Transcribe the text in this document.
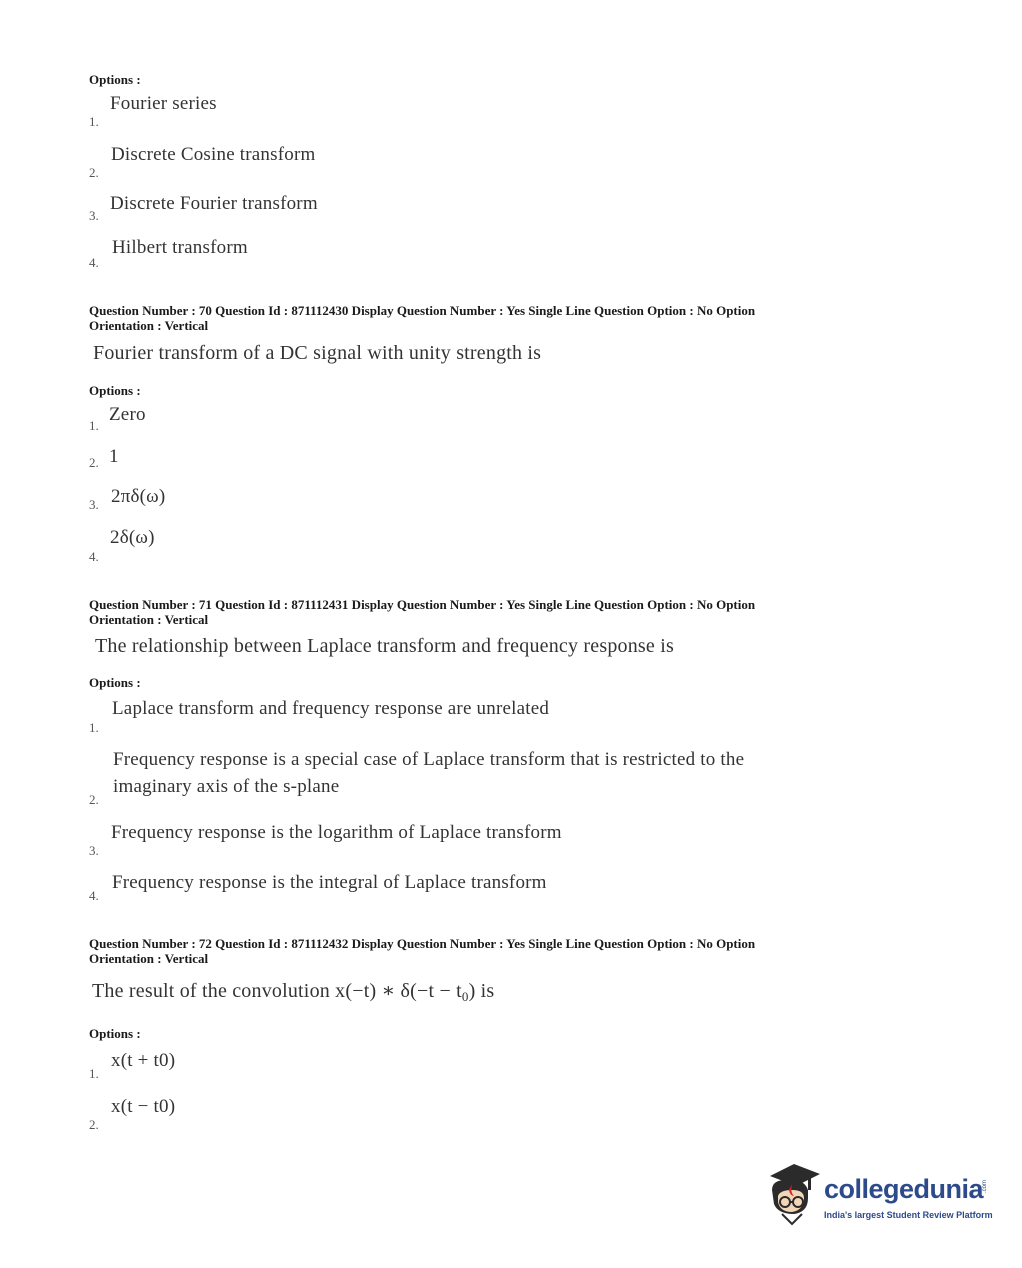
Options :
Fourier series
1.
Discrete Cosine transform
2.
Discrete Fourier transform
3.
Hilbert transform
4.
Question Number : 70 Question Id : 871112430 Display Question Number : Yes Single Line Question Option : No Option
Orientation : Vertical
Fourier transform of a DC signal with unity strength is
Options :
Zero
1.
1
2.
2πδ(ω)
3.
2δ(ω)
4.
Question Number : 71 Question Id : 871112431 Display Question Number : Yes Single Line Question Option : No Option
Orientation : Vertical
The relationship between Laplace transform and frequency response is
Options :
Laplace transform and frequency response are unrelated
1.
Frequency response is a special case of Laplace transform that is restricted to the
imaginary axis of the s-plane
2.
Frequency response is the logarithm of Laplace transform
3.
Frequency response is the integral of Laplace transform
4.
Question Number : 72 Question Id : 871112432 Display Question Number : Yes Single Line Question Option : No Option
Orientation : Vertical
The result of the convolution x(−t) ∗ $\delta(-t - t_0)$ is
Options :
x(t + t0)
1.
x(t − t0)
2.
collegedunia
.com
India's largest Student Review Platform
